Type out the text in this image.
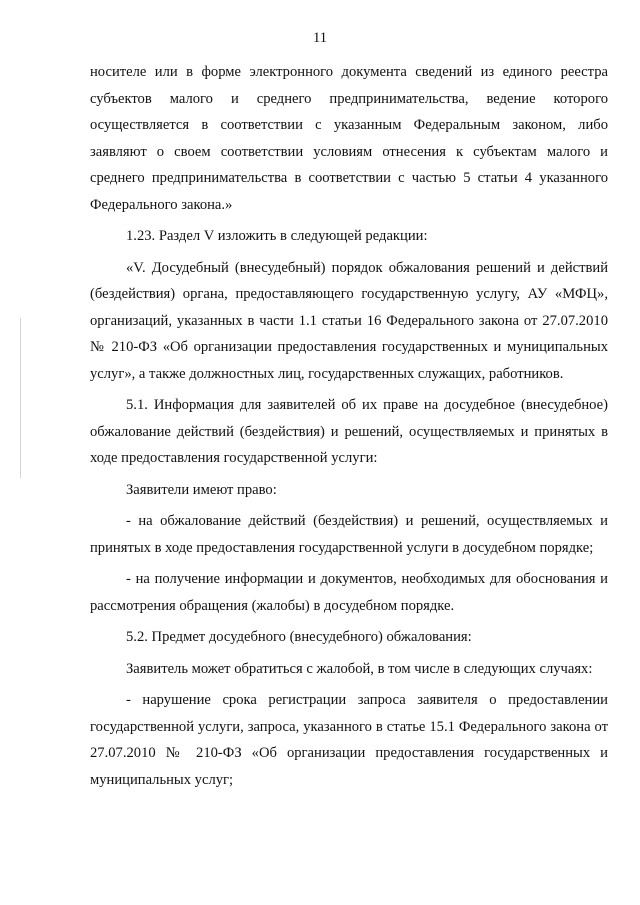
11

носителе или в форме электронного документа сведений из единого реестра субъектов малого и среднего предпринимательства, ведение которого осуществляется в соответствии с указанным Федеральным законом, либо заявляют о своем соответствии условиям отнесения к субъектам малого и среднего предпринимательства в соответствии с частью 5 статьи 4 указанного Федерального закона.»

1.23. Раздел V изложить в следующей редакции:

«V. Досудебный (внесудебный) порядок обжалования решений и действий (бездействия) органа, предоставляющего государственную услугу, АУ «МФЦ», организаций, указанных в части 1.1 статьи 16 Федерального закона от 27.07.2010 № 210-ФЗ «Об организации предоставления государственных и муниципальных услуг», а также должностных лиц, государственных служащих, работников.

5.1. Информация для заявителей об их праве на досудебное (внесудебное) обжалование действий (бездействия) и решений, осуществляемых и принятых в ходе предоставления государственной услуги:

Заявители имеют право:

- на обжалование действий (бездействия) и решений, осуществляемых и принятых в ходе предоставления государственной услуги в досудебном порядке;

- на получение информации и документов, необходимых для обоснования и рассмотрения обращения (жалобы) в досудебном порядке.

5.2. Предмет досудебного (внесудебного) обжалования:

Заявитель может обратиться с жалобой, в том числе в следующих случаях:

- нарушение срока регистрации запроса заявителя о предоставлении государственной услуги, запроса, указанного в статье 15.1 Федерального закона от 27.07.2010 № 210-ФЗ «Об организации предоставления государственных и муниципальных услуг;
